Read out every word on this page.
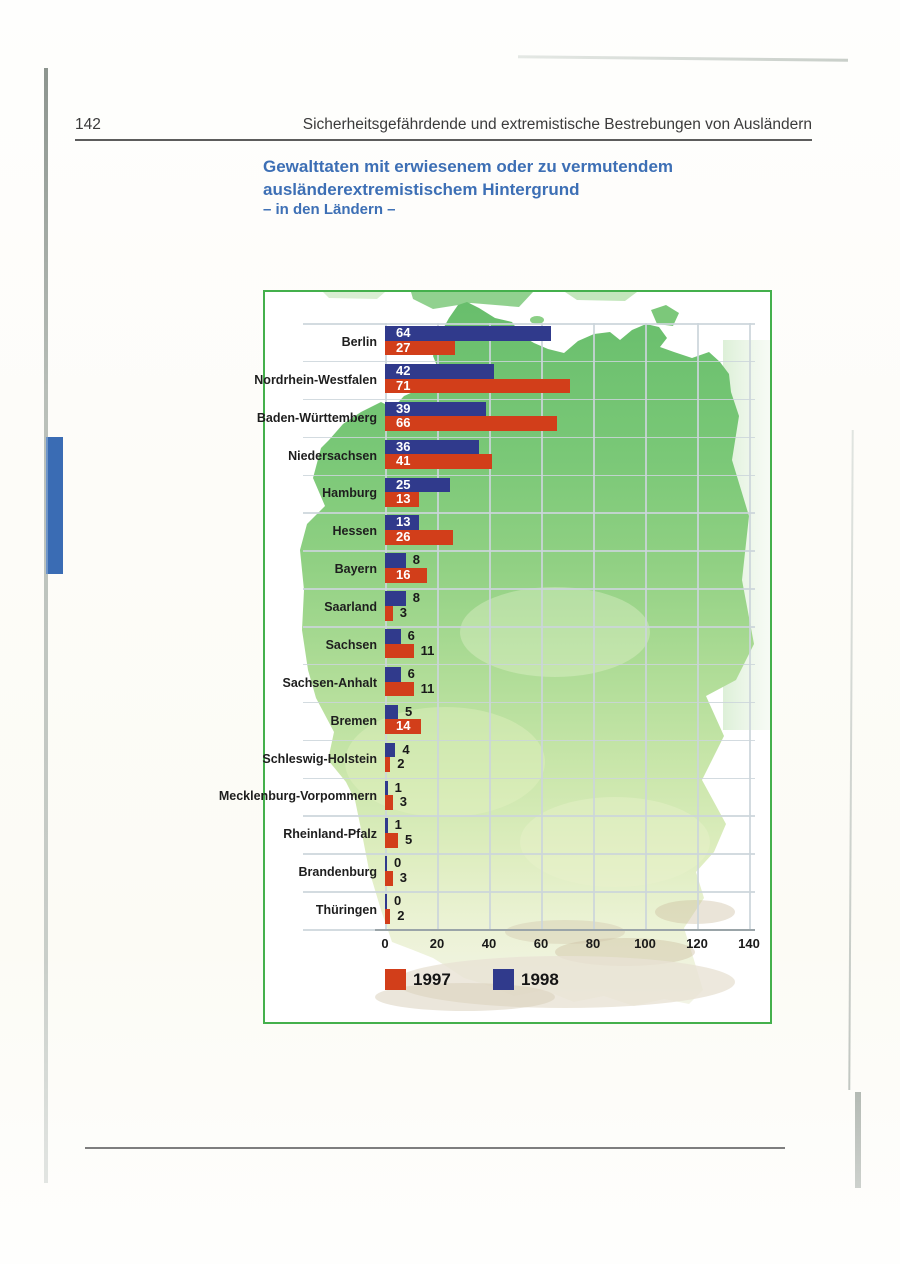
142	Sicherheitsgefährdende und extremistische Bestrebungen von Ausländern
Gewalttaten mit erwiesenem oder zu vermutendem
ausländerextremistischem Hintergrund
– in den Ländern –
0	20	40	60	80	100	120	140
Berlin
64
27
Nordrhein- Westfalen
42
71
Baden- Württemberg
39
66
Niedersachsen
36
41
Hamburg
25
13
Hessen
13
26
Bayern
8
16
Saarland
8
3
Sachsen
6
11
Sachsen- Anhalt
6
11
Bremen
5
14
Schleswig- Holstein
4
2
Mecklenburg- Vorpommern
1
3
Rheinland- Pfalz
1
5
Brandenburg
0
3
Thüringen
0
2
1997	1998
